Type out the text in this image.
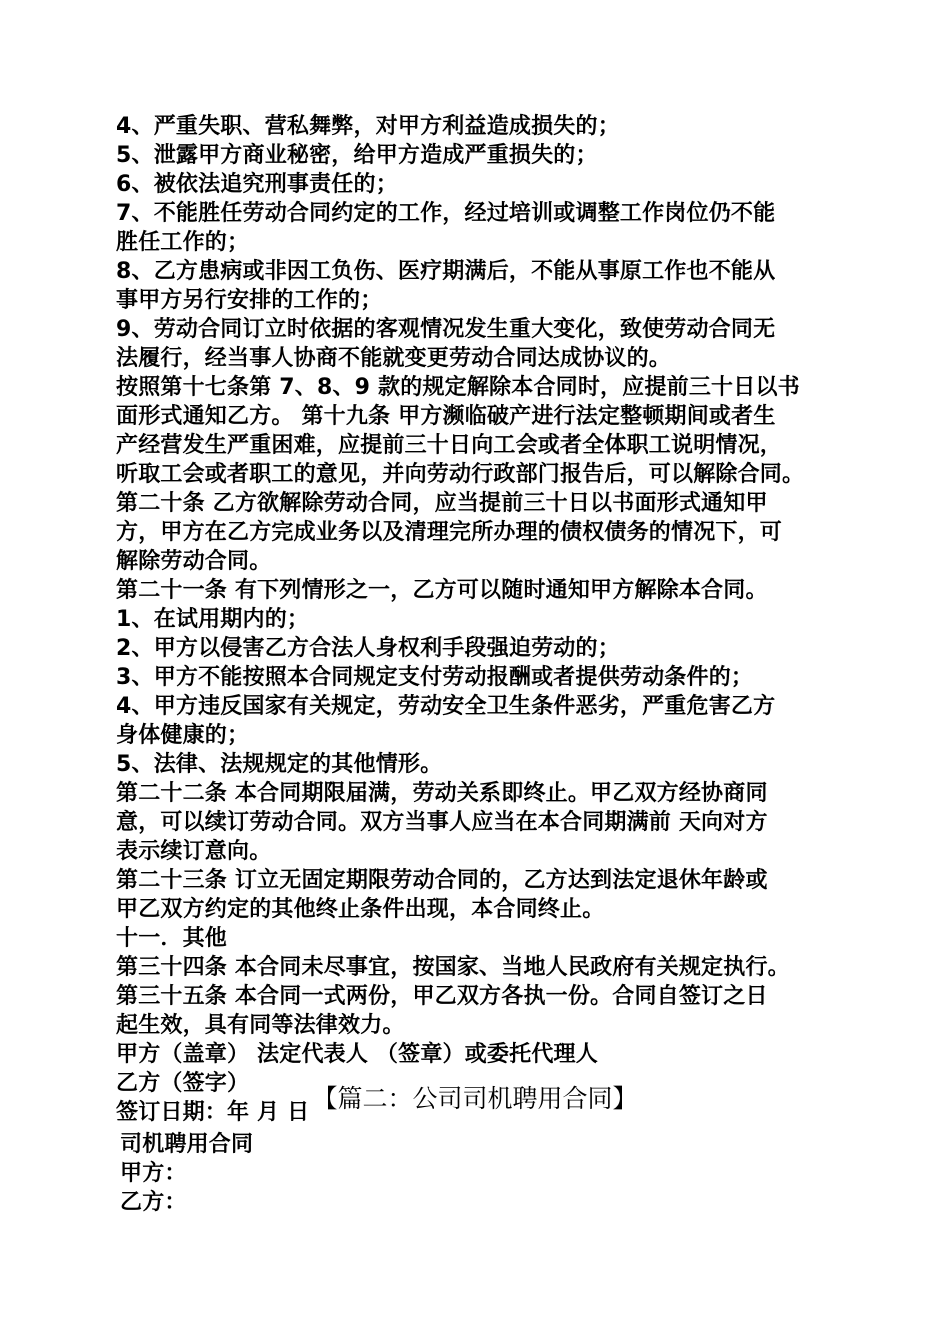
4、严重失职、营私舞弊，对甲方利益造成损失的；
5、泄露甲方商业秘密，给甲方造成严重损失的；
6、被依法追究刑事责任的；
7、不能胜任劳动合同约定的工作，经过培训或调整工作岗位仍不能
胜任工作的；
8、乙方患病或非因工负伤、医疗期满后，不能从事原工作也不能从
事甲方另行安排的工作的；
9、劳动合同订立时依据的客观情况发生重大变化，致使劳动合同无
法履行，经当事人协商不能就变更劳动合同达成协议的。
按照第十七条第 7、8、9 款的规定解除本合同时，应提前三十日以书
面形式通知乙方。 第十九条 甲方濒临破产进行法定整顿期间或者生
产经营发生严重困难，应提前三十日向工会或者全体职工说明情况，
听取工会或者职工的意见，并向劳动行政部门报告后，可以解除合同。
第二十条 乙方欲解除劳动合同，应当提前三十日以书面形式通知甲
方，甲方在乙方完成业务以及清理完所办理的债权债务的情况下，可
解除劳动合同。
第二十一条 有下列情形之一，乙方可以随时通知甲方解除本合同。
1、在试用期内的；
2、甲方以侵害乙方合法人身权利手段强迫劳动的；
3、甲方不能按照本合同规定支付劳动报酬或者提供劳动条件的；
4、甲方违反国家有关规定，劳动安全卫生条件恶劣，严重危害乙方
身体健康的；
5、法律、法规规定的其他情形。
第二十二条 本合同期限届满，劳动关系即终止。甲乙双方经协商同
意，可以续订劳动合同。双方当事人应当在本合同期满前 天向对方
表示续订意向。
第二十三条 订立无固定期限劳动合同的，乙方达到法定退休年龄或
甲乙双方约定的其他终止条件出现，本合同终止。
十一．其他
第三十四条 本合同未尽事宜，按国家、当地人民政府有关规定执行。
第三十五条 本合同一式两份，甲乙双方各执一份。合同自签订之日
起生效，具有同等法律效力。
甲方（盖章） 法定代表人 （签章）或委托代理人
乙方（签字）
签订日期：年 月 日 【篇二：公司司机聘用合同】
司机聘用合同
甲方：
乙方：
